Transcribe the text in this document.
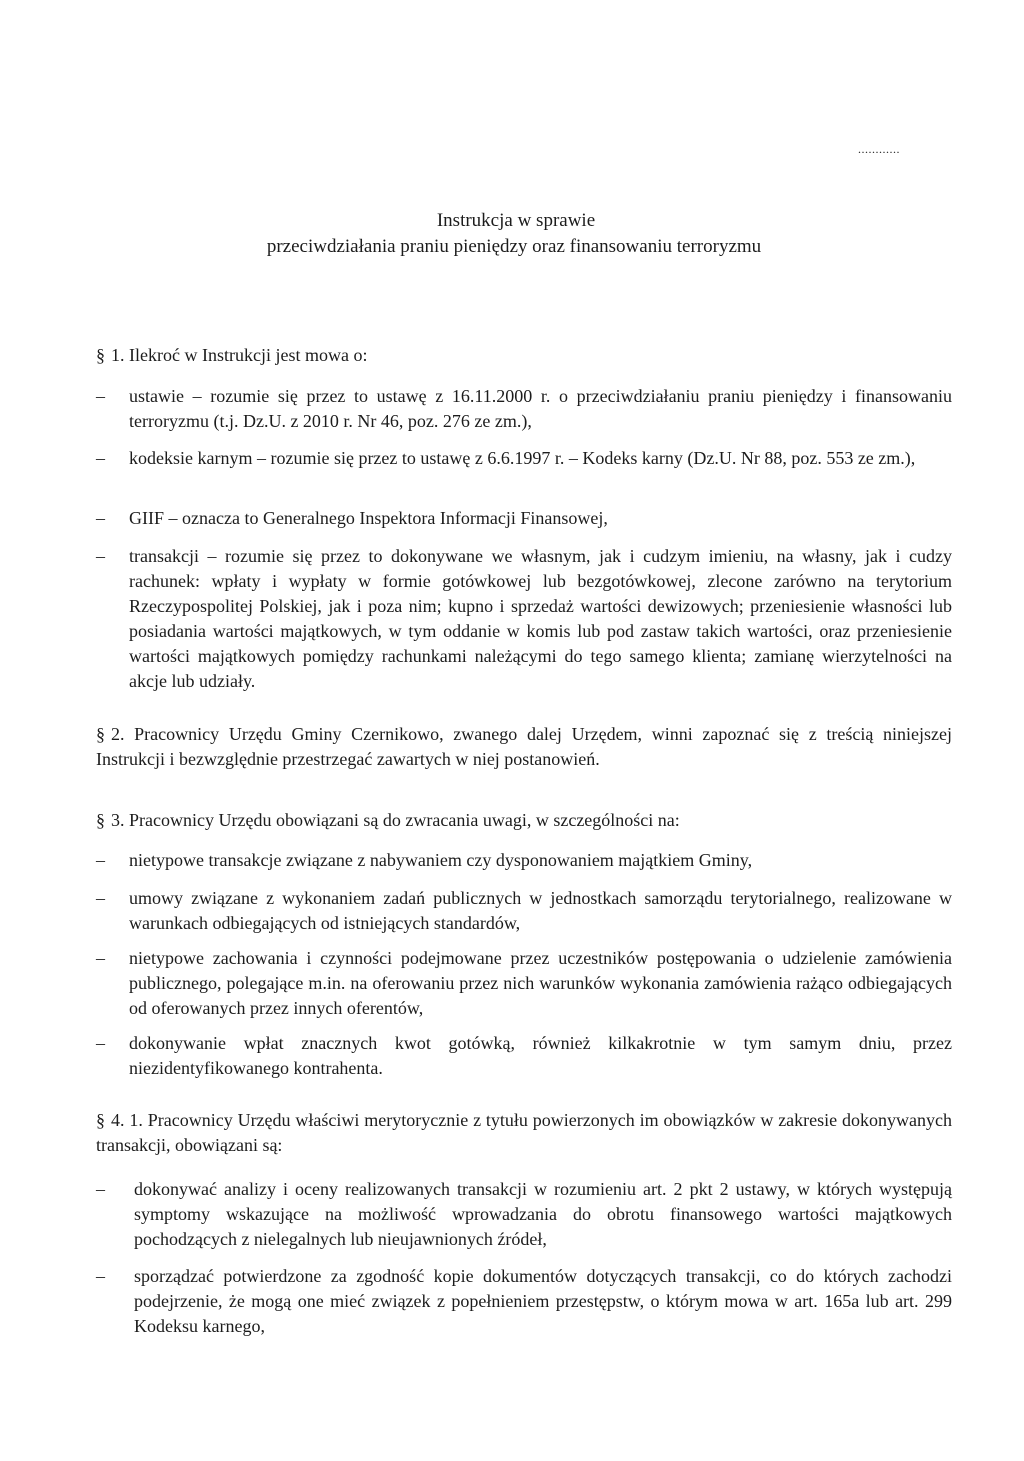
............
Instrukcja w sprawie
przeciwdziałania praniu pieniędzy oraz finansowaniu terroryzmu

§ 1. Ilekroć w Instrukcji jest mowa o:

–	ustawie – rozumie się przez to ustawę z 16.11.2000 r. o przeciwdziałaniu praniu pieniędzy i finansowaniu terroryzmu (t.j. Dz.U. z 2010 r. Nr 46, poz. 276 ze zm.),
–	kodeksie karnym – rozumie się przez to ustawę z 6.6.1997 r. – Kodeks karny (Dz.U. Nr 88, poz. 553 ze zm.),
–	GIIF – oznacza to Generalnego Inspektora Informacji Finansowej,
–	transakcji – rozumie się przez to dokonywane we własnym, jak i cudzym imieniu, na własny, jak i cudzy rachunek: wpłaty i wypłaty w formie gotówkowej lub bezgotówkowej, zlecone zarówno na terytorium Rzeczypospolitej Polskiej, jak i poza nim; kupno i sprzedaż wartości dewizowych; przeniesienie własności lub posiadania wartości majątkowych, w tym oddanie w komis lub pod zastaw takich wartości, oraz przeniesienie wartości majątkowych pomiędzy rachunkami należącymi do tego samego klienta; zamianę wierzytelności na akcje lub udziały.

§ 2. Pracownicy Urzędu Gminy Czernikowo, zwanego dalej Urzędem, winni zapoznać się z treścią niniejszej Instrukcji i bezwzględnie przestrzegać zawartych w niej postanowień.

§ 3. Pracownicy Urzędu obowiązani są do zwracania uwagi, w szczególności na:

–	nietypowe transakcje związane z nabywaniem czy dysponowaniem majątkiem Gminy,
–	umowy związane z wykonaniem zadań publicznych w jednostkach samorządu terytorialnego, realizowane w warunkach odbiegających od istniejących standardów,
–	nietypowe zachowania i czynności podejmowane przez uczestników postępowania o udzielenie zamówienia publicznego, polegające m.in. na oferowaniu przez nich warunków wykonania zamówienia rażąco odbiegających od oferowanych przez innych oferentów,
–	dokonywanie wpłat znacznych kwot gotówką, również kilkakrotnie w tym samym dniu, przez niezidentyfikowanego kontrahenta.

§ 4. 1. Pracownicy Urzędu właściwi merytorycznie z tytułu powierzonych im obowiązków w zakresie dokonywanych transakcji, obowiązani są:

–	dokonywać analizy i oceny realizowanych transakcji w rozumieniu art. 2 pkt 2 ustawy, w których występują symptomy wskazujące na możliwość wprowadzania do obrotu finansowego wartości majątkowych pochodzących z nielegalnych lub nieujawnionych źródeł,
–	sporządzać potwierdzone za zgodność kopie dokumentów dotyczących transakcji, co do których zachodzi podejrzenie, że mogą one mieć związek z popełnieniem przestępstw, o którym mowa w art. 165a lub art. 299 Kodeksu karnego,
